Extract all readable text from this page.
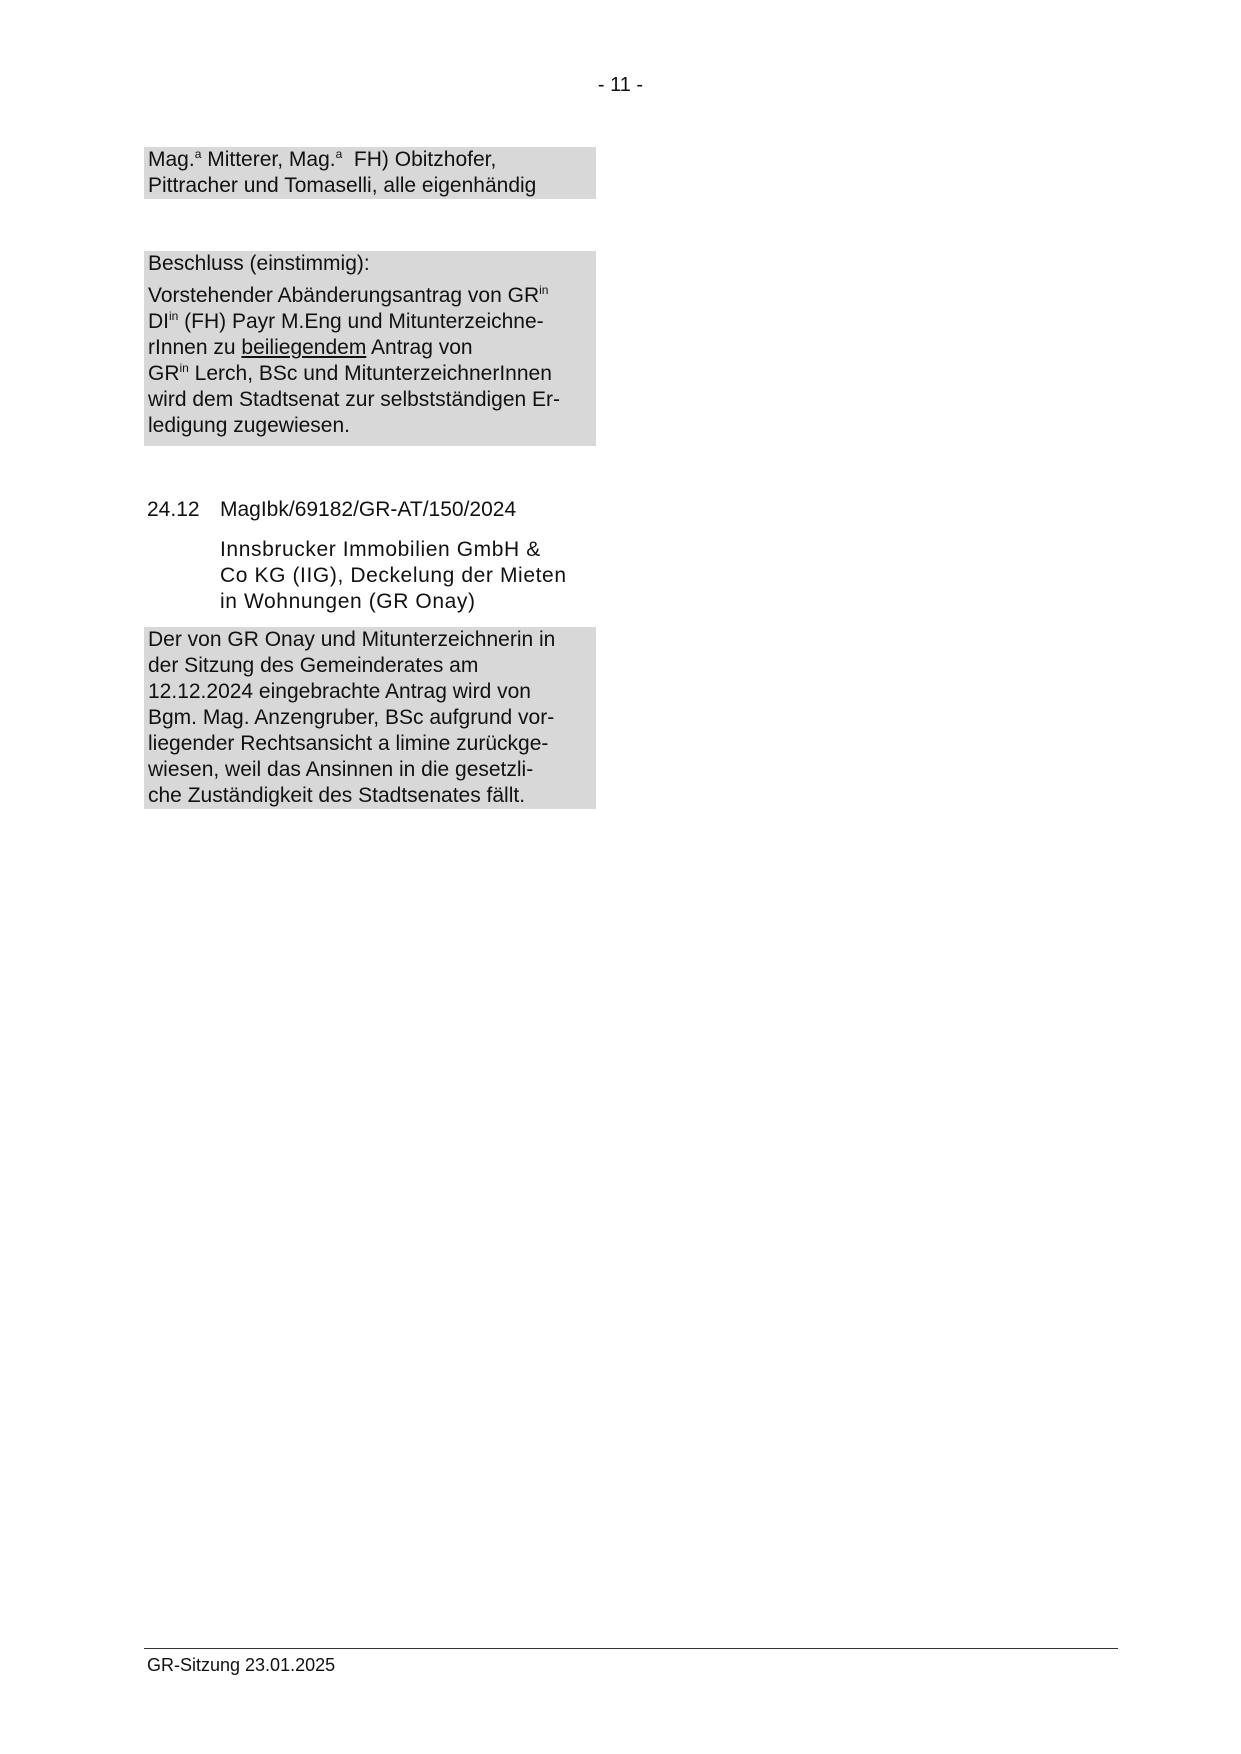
- 11 -
Mag.$^a$ Mitterer, Mag.$^a$  FH) Obitzhofer,
Pittracher und Tomaselli, alle eigenhändig
Beschluss (einstimmig):
Vorstehender Abänderungsantrag von $GR^{in}$
$DI^{in}$ (FH) Payr M.Eng und Mitunterzeichne-
rInnen zu beiliegendem Antrag von
$GR^{in}$ Lerch, BSc und MitunterzeichnerInnen
wird dem Stadtsenat zur selbstständigen Er-
ledigung zugewiesen.
24.12 MagIbk/69182/GR-AT/150/2024
Innsbrucker Immobilien GmbH &
Co KG (IIG), Deckelung der Mieten
in Wohnungen (GR Onay)
Der von GR Onay und Mitunterzeichnerin in
der Sitzung des Gemeinderates am
12.12.2024 eingebrachte Antrag wird von
Bgm. Mag. Anzengruber, BSc aufgrund vor-
liegender Rechtsansicht a limine zurückge-
wiesen, weil das Ansinnen in die gesetzli-
che Zuständigkeit des Stadtsenates fällt.
GR-Sitzung 23.01.2025
